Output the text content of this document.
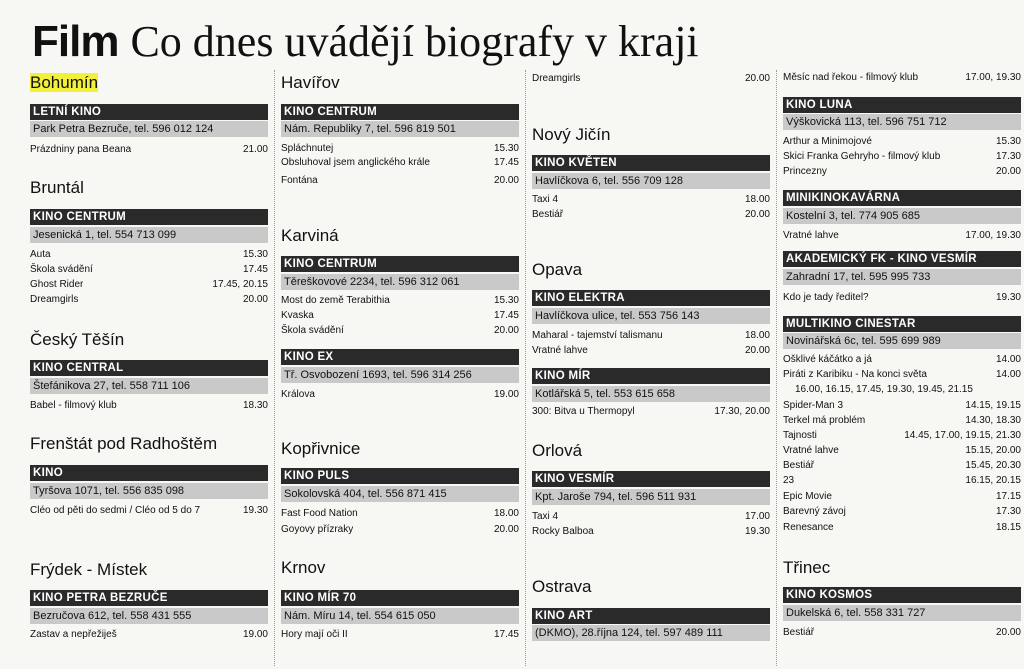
Film Co dnes uvádějí biografy v kraji
Bohumín
LETNÍ KINO
Park Petra Bezruče, tel. 596 012 124
Prázdniny pana Beana	21.00
Bruntál
KINO CENTRUM
Jesenická 1, tel. 554 713 099
Auta	15.30
Škola svádění	17.45
Ghost Rider	17.45, 20.15
Dreamgirls	20.00
Český Těšín
KINO CENTRAL
Štefánikova 27, tel. 558 711 106
Babel - filmový klub	18.30
Frenštát pod Radhoštěm
KINO
Tyršova 1071, tel. 556 835 098
Cléo od pěti do sedmi / Cléo od 5 do 7	19.30
Frýdek - Místek
KINO PETRA BEZRUČE
Bezručova 612, tel. 558 431 555
Zastav a nepřežiješ	19.00
Havířov
KINO CENTRUM
Nám. Republiky 7, tel. 596 819 501
Spláchnutej	15.30
Obsluhoval jsem anglického krále	17.45
Fontána	20.00
Karviná
KINO CENTRUM
Těreškovové 2234, tel. 596 312 061
Most do země Terabithia	15.30
Kvaska	17.45
Škola svádění	20.00
KINO EX
Tř. Osvobození 1693, tel. 596 314 256
Králova	19.00
Kopřivnice
KINO PULS
Sokolovská 404, tel. 556 871 415
Fast Food Nation	18.00
Goyovy přízraky	20.00
Krnov
KINO MÍR 70
Nám. Míru 14, tel. 554 615 050
Hory mají oči II	17.45
Dreamgirls	20.00
Nový Jičín
KINO KVĚTEN
Havlíčkova 6, tel. 556 709 128
Taxi 4	18.00
Bestiář	20.00
Opava
KINO ELEKTRA
Havlíčkova ulice, tel. 553 756 143
Maharal - tajemství talismanu	18.00
Vratné lahve	20.00
KINO MÍR
Kotlářská 5, tel. 553 615 658
300: Bitva u Thermopyl	17.30, 20.00
Orlová
KINO VESMÍR
Kpt. Jaroše 794, tel. 596 511 931
Taxi 4	17.00
Rocky Balboa	19.30
Ostrava
KINO ART
(DKMO), 28.října 124, tel. 597 489 111
Měsíc nad řekou - filmový klub	17.00, 19.30
KINO LUNA
Výškovická 113, tel. 596 751 712
Arthur a Minimojové	15.30
Skici Franka Gehryho - filmový klub	17.30
Princezny	20.00
MINIKINOKAVÁRNA
Kostelní 3, tel. 774 905 685
Vratné lahve	17.00, 19.30
AKADEMICKÝ FK - KINO VESMÍR
Zahradní 17, tel. 595 995 733
Kdo je tady ředitel?	19.30
MULTIKINO CINESTAR
Novinářská 6c, tel. 595 699 989
Ošklivé káčátko a já	14.00
Piráti z Karibiku - Na konci světa	14.00
16.00, 16.15, 17.45, 19.30, 19.45, 21.15
Spider-Man 3	14.15, 19.15
Terkel má problém	14.30, 18.30
Tajnosti	14.45, 17.00, 19.15, 21.30
Vratné lahve	15.15, 20.00
Bestiář	15.45, 20.30
23	16.15, 20.15
Epic Movie	17.15
Barevný závoj	17.30
Renesance	18.15
Třinec
KINO KOSMOS
Dukelská 6, tel. 558 331 727
Bestiář	20.00
